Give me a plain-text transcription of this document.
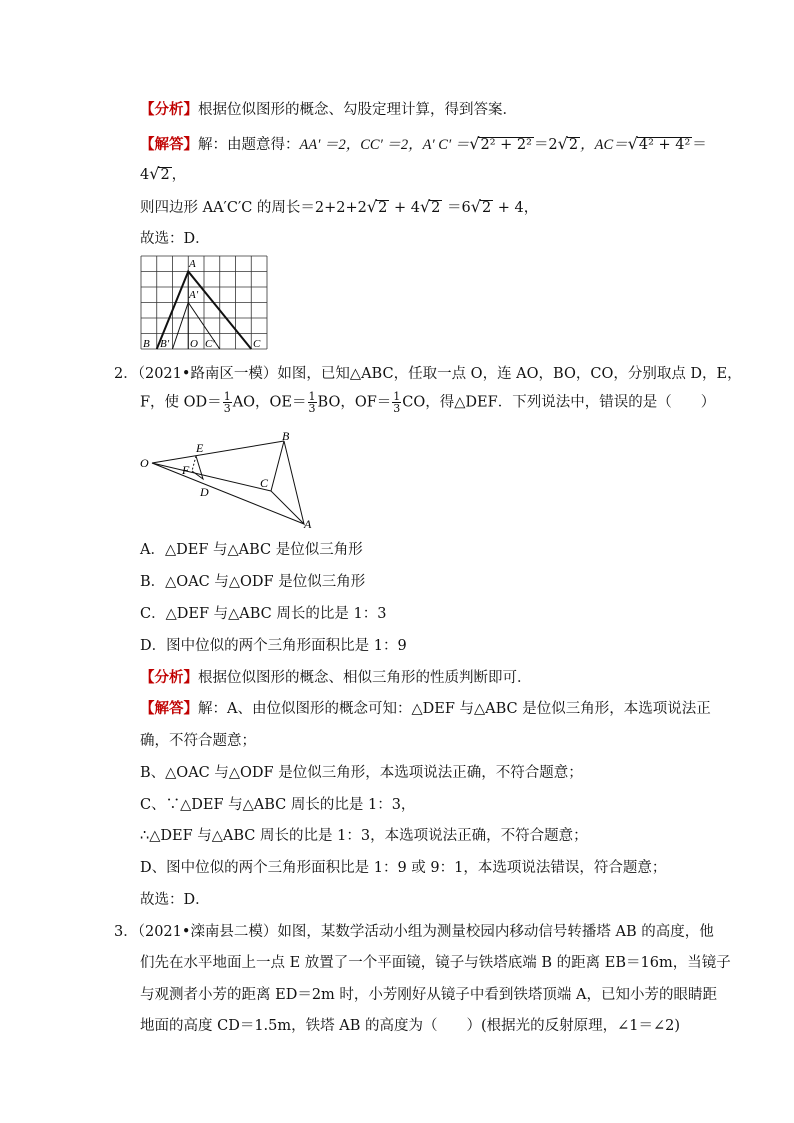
【分析】根据位似图形的概念、勾股定理计算，得到答案．
【解答】解：由题意得：AA′ ＝2，CC′ ＝2，A′ C′ ＝√2² + 2² ＝2√2 ，AC＝√4² + 4² ＝
4√2 ，
则四边形 AA′C′C 的周长＝2+2+2√2 + 4√2 ＝6√2 + 4，
故选：D．
A
A′
B B′ O C′	C
2．（2021•路南区一模）如图，已知△ABC，任取一点 O，连 AO，BO，CO，分别取点 D，E，
F，使 $OD= \frac{1}{3}$ AO，$OE= \frac{1}{3}$ BO，$OF= \frac{1}{3}$ CO，得△DEF．下列说法中，错误的是（　　）
O
E
F
D
B
C
A
A．△DEF 与△ABC 是位似三角形
B．△OAC 与△ODF 是位似三角形
C．△DEF 与△ABC 周长的比是 1：3
D．图中位似的两个三角形面积比是 1：9
【分析】根据位似图形的概念、相似三角形的性质判断即可．
【解答】解：A、由位似图形的概念可知：△DEF 与△ABC 是位似三角形，本选项说法正
确，不符合题意；
B、△OAC 与△ODF 是位似三角形，本选项说法正确，不符合题意；
C、∵△DEF 与△ABC 周长的比是 1：3，
∴△DEF 与△ABC 周长的比是 1：3，本选项说法正确，不符合题意；
D、图中位似的两个三角形面积比是 1：9 或 9：1，本选项说法错误，符合题意；
故选：D．
3．（2021•滦南县二模）如图，某数学活动小组为测量校园内移动信号转播塔 AB 的高度，他
们先在水平地面上一点 E 放置了一个平面镜，镜子与铁塔底端 B 的距离 EB＝16m，当镜子
与观测者小芳的距离 ED＝2m 时，小芳刚好从镜子中看到铁塔顶端 A，已知小芳的眼睛距
地面的高度 CD＝1.5m，铁塔 AB 的高度为（　　）(根据光的反射原理，∠1＝∠2)
